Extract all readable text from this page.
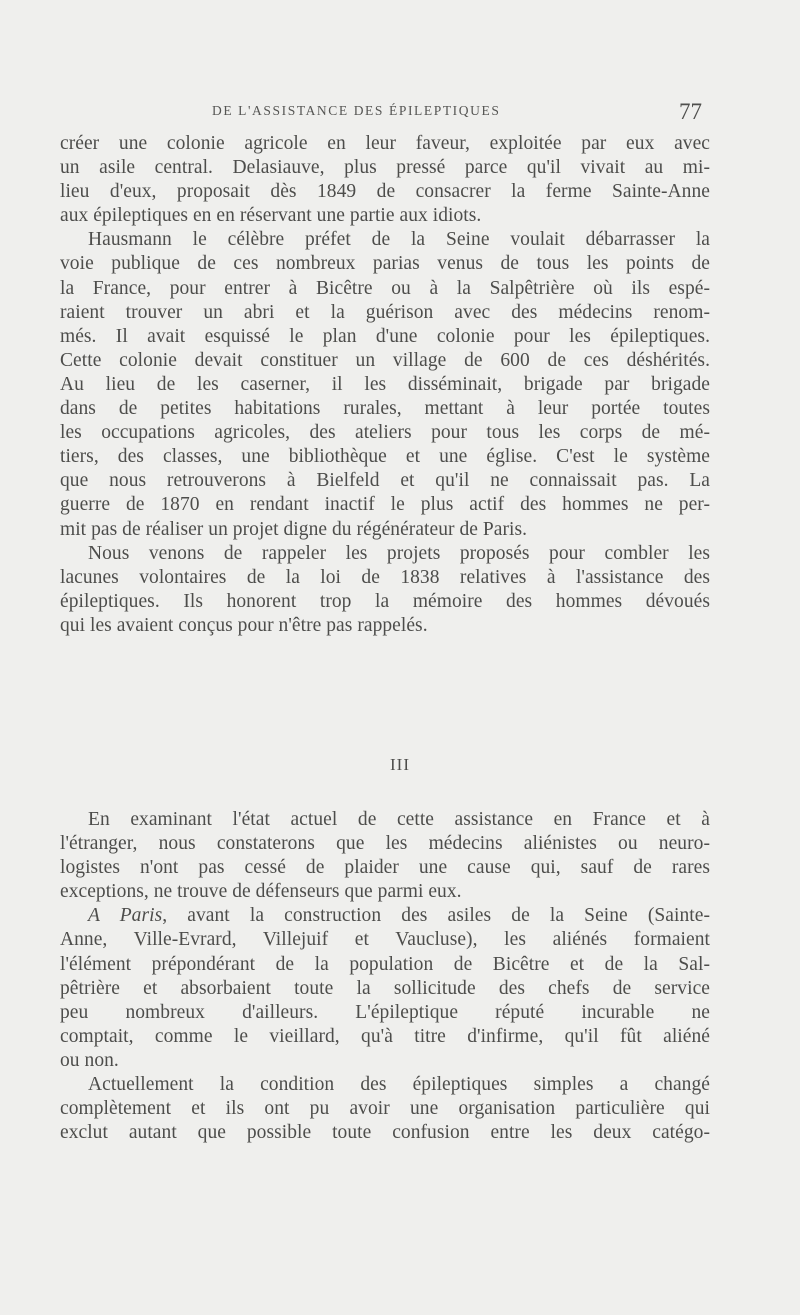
DE L'ASSISTANCE DES ÉPILEPTIQUES	77
créer une colonie agricole en leur faveur, exploitée par eux avec
un asile central. Delasiauve, plus pressé parce qu'il vivait au mi-
lieu d'eux, proposait dès 1849 de consacrer la ferme Sainte-Anne
aux épileptiques en en réservant une partie aux idiots.
Hausmann le célèbre préfet de la Seine voulait débarrasser la
voie publique de ces nombreux parias venus de tous les points de
la France, pour entrer à Bicêtre ou à la Salpêtrière où ils espé-
raient trouver un abri et la guérison avec des médecins renom-
més. Il avait esquissé le plan d'une colonie pour les épileptiques.
Cette colonie devait constituer un village de 600 de ces déshérités.
Au lieu de les caserner, il les disséminait, brigade par brigade
dans de petites habitations rurales, mettant à leur portée toutes
les occupations agricoles, des ateliers pour tous les corps de mé-
tiers, des classes, une bibliothèque et une église. C'est le système
que nous retrouverons à Bielfeld et qu'il ne connaissait pas. La
guerre de 1870 en rendant inactif le plus actif des hommes ne per-
mit pas de réaliser un projet digne du régénérateur de Paris.
Nous venons de rappeler les projets proposés pour combler les
lacunes volontaires de la loi de 1838 relatives à l'assistance des
épileptiques. Ils honorent trop la mémoire des hommes dévoués
qui les avaient conçus pour n'être pas rappelés.
III
En examinant l'état actuel de cette assistance en France et à
l'étranger, nous constaterons que les médecins aliénistes ou neuro-
logistes n'ont pas cessé de plaider une cause qui, sauf de rares
exceptions, ne trouve de défenseurs que parmi eux.
A Paris, avant la construction des asiles de la Seine (Sainte-
Anne, Ville-Evrard, Villejuif et Vaucluse), les aliénés formaient
l'élément prépondérant de la population de Bicêtre et de la Sal-
pêtrière et absorbaient toute la sollicitude des chefs de service
peu nombreux d'ailleurs. L'épileptique réputé incurable ne
comptait, comme le vieillard, qu'à titre d'infirme, qu'il fût aliéné
ou non.
Actuellement la condition des épileptiques simples a changé
complètement et ils ont pu avoir une organisation particulière qui
exclut autant que possible toute confusion entre les deux catégo-
